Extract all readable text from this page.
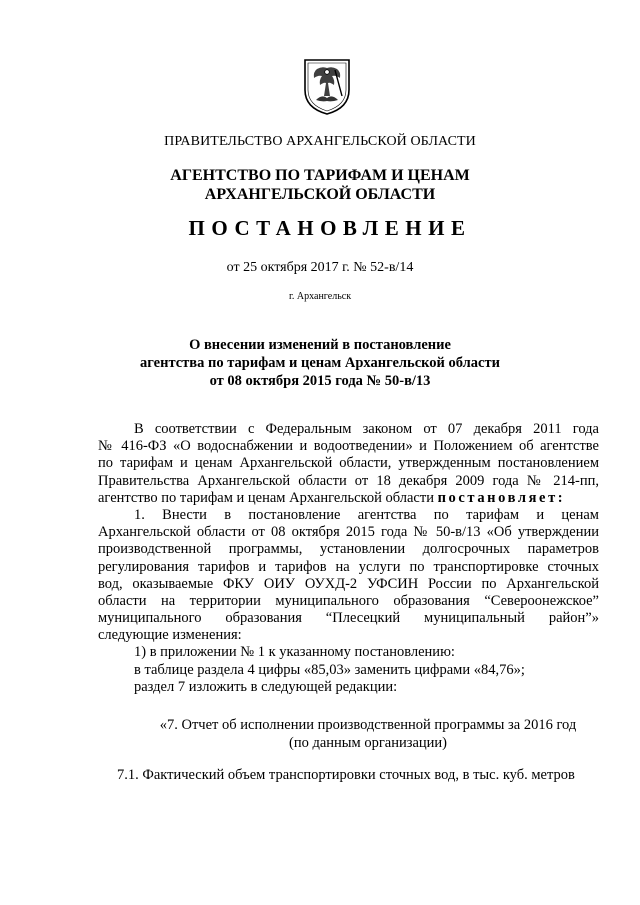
ПРАВИТЕЛЬСТВО АРХАНГЕЛЬСКОЙ ОБЛАСТИ
АГЕНТСТВО ПО ТАРИФАМ И ЦЕНАМ
АРХАНГЕЛЬСКОЙ ОБЛАСТИ
ПОСТАНОВЛЕНИЕ
от 25 октября 2017 г. № 52-в/14
г. Архангельск
О внесении изменений в постановление
агентства по тарифам и ценам Архангельской области
от 08 октября 2015 года № 50-в/13
В соответствии с Федеральным законом от 07 декабря 2011 года
№ 416-ФЗ «О водоснабжении и водоотведении» и Положением об агентстве
по тарифам и ценам Архангельской области, утвержденным постановлением
Правительства Архангельской области от 18 декабря 2009 года № 214-пп,
агентство по тарифам и ценам Архангельской области постановляет:
1. Внести в постановление агентства по тарифам и ценам
Архангельской области от 08 октября 2015 года № 50-в/13 «Об утверждении
производственной программы, установлении долгосрочных параметров
регулирования тарифов и тарифов на услуги по транспортировке сточных
вод, оказываемые ФКУ ОИУ ОУХД-2 УФСИН России по Архангельской
области на территории муниципального образования “Североонежское”
муниципального образования “Плесецкий муниципальный район”»
следующие изменения:
1) в приложении № 1 к указанному постановлению:
в таблице раздела 4 цифры «85,03» заменить цифрами «84,76»;
раздел 7 изложить в следующей редакции:
«7. Отчет об исполнении производственной программы за 2016 год
(по данным организации)
7.1. Фактический объем транспортировки сточных вод, в тыс. куб. метров
